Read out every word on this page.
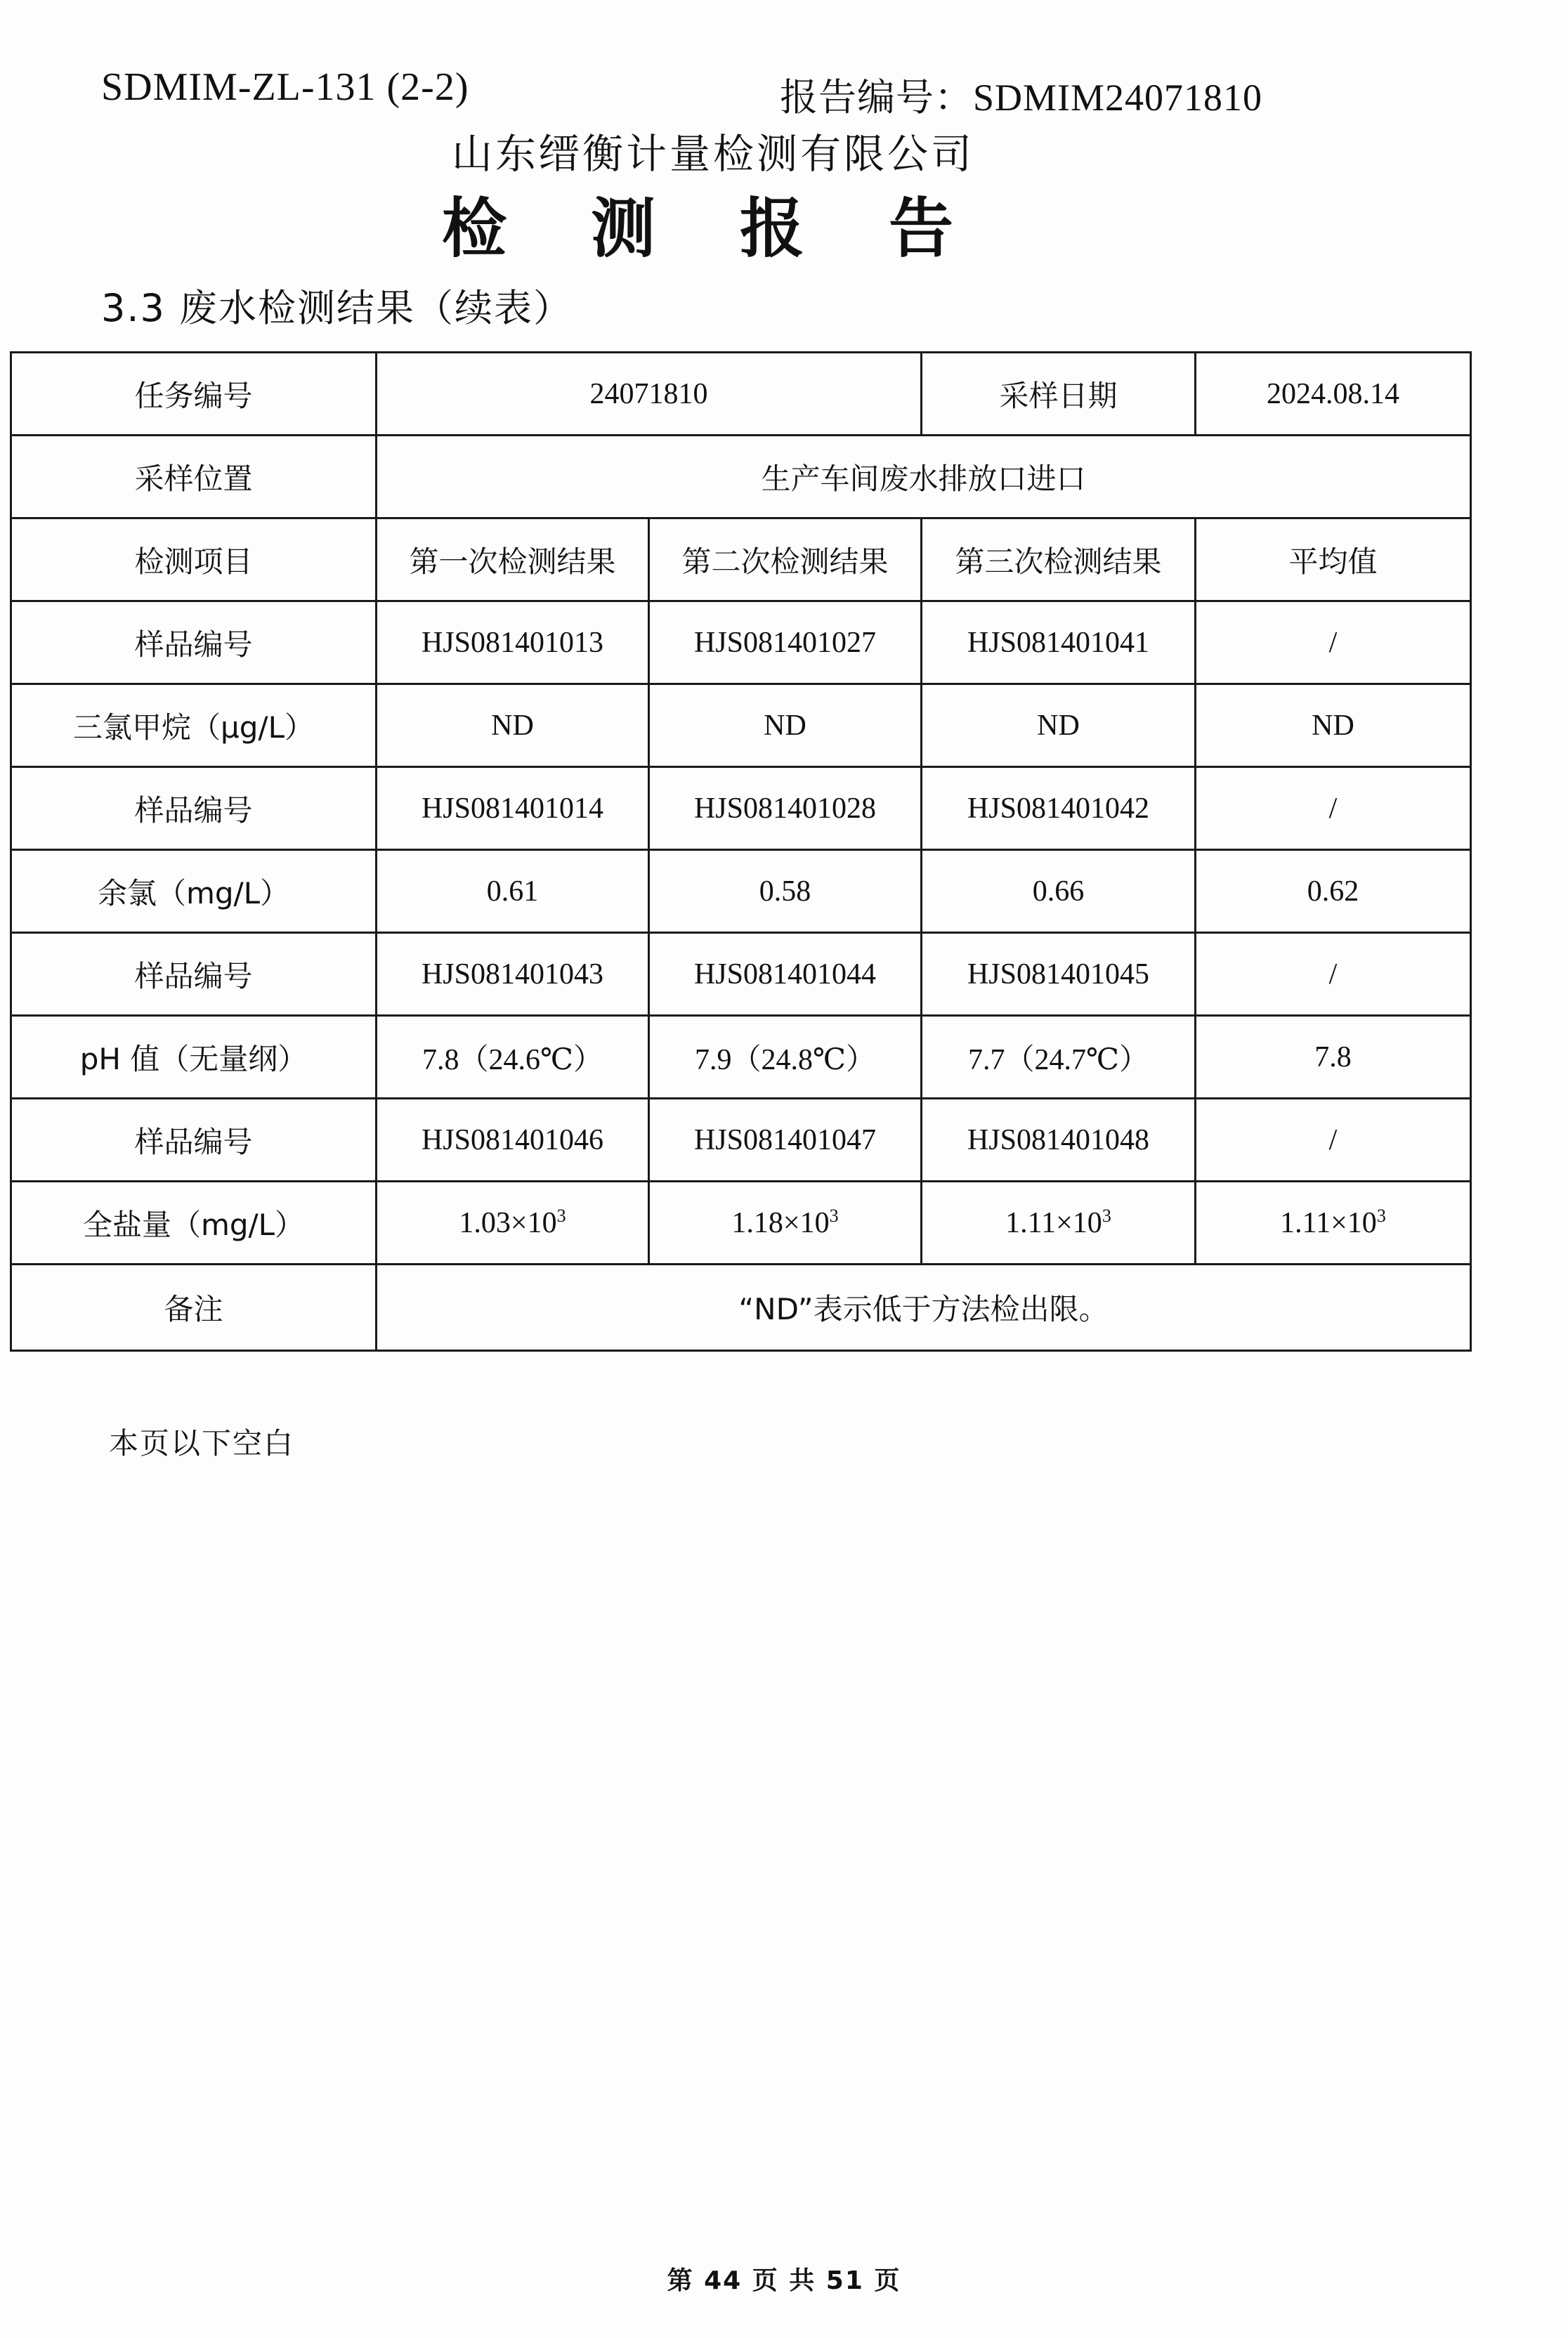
SDMIM-ZL-131 (2-2)	报告编号：SDMIM24071810
山东缙衡计量检测有限公司
检 测 报 告
3.3 废水检测结果（续表）
任务编号	24071810		采样日期	2024.08.14
采样位置	生产车间废水排放口进口			
检测项目	第一次检测结果	第二次检测结果	第三次检测结果	平均值
样品编号	HJS081401013	HJS081401027	HJS081401041	/
三氯甲烷（μg/L）	ND	ND	ND	ND
样品编号	HJS081401014	HJS081401028	HJS081401042	/
余氯（mg/L）	0.61	0.58	0.66	0.62
样品编号	HJS081401043	HJS081401044	HJS081401045	/
pH 值（无量纲）	7.8（24.6℃）	7.9（24.8℃）	7.7（24.7℃）	7.8
样品编号	HJS081401046	HJS081401047	HJS081401048	/
全盐量（mg/L）	$1.03\times 10^3$	$1.18\times 10^3$	$1.11\times 10^3$	$1.11\times 10^3$
备注	“ND”表示低于方法检出限。			
本页以下空白
第 44 页 共 51 页
